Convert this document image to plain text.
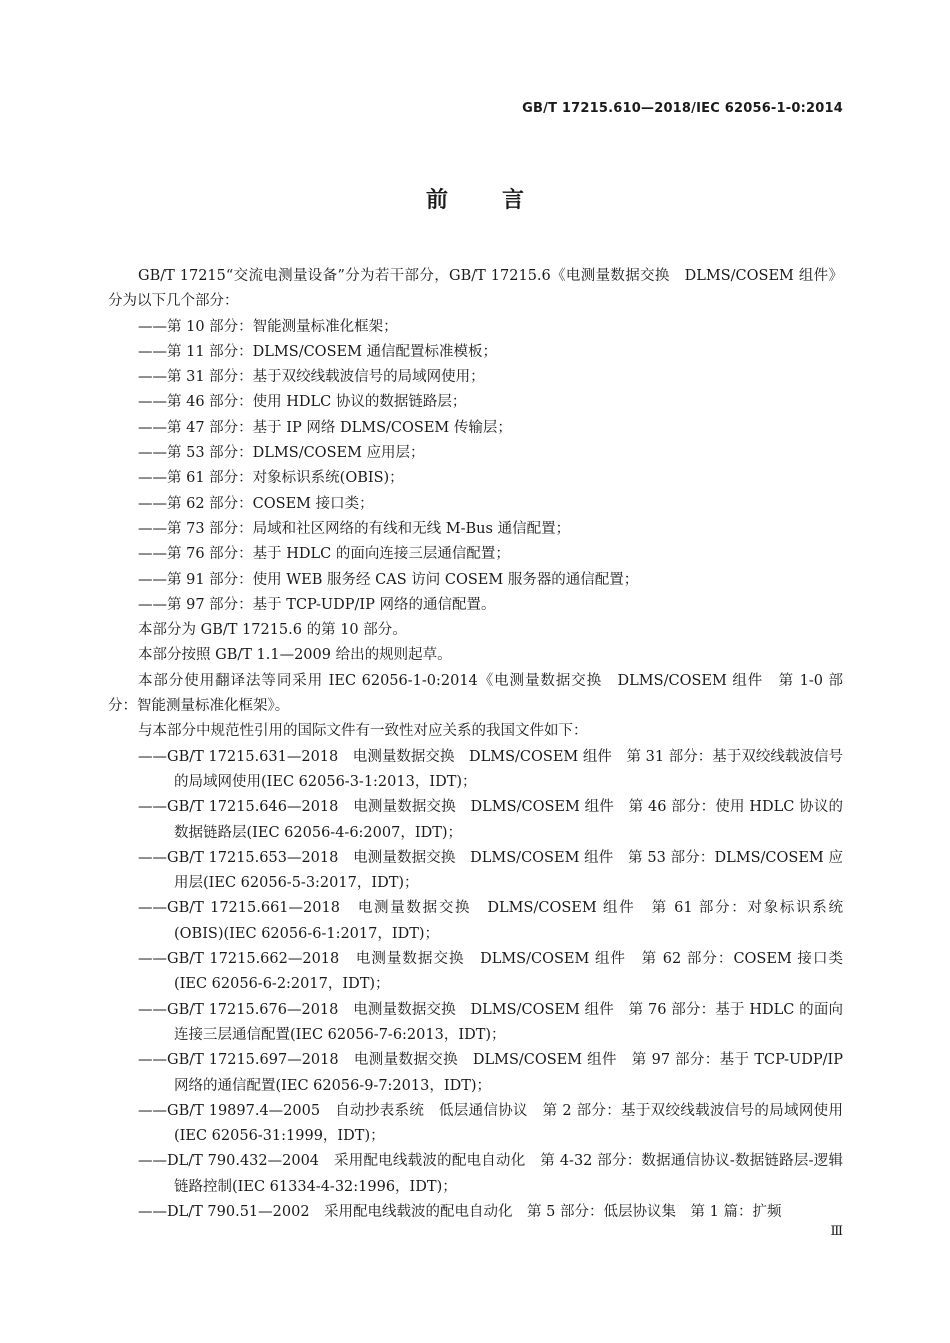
GB/T 17215.610—2018/IEC 62056-1-0:2014
前言

GB/T 17215“交流电测量设备”分为若干部分，GB/T 17215.6《电测量数据交换　DLMS/COSEM 组件》分为以下几个部分：

——第 10 部分：智能测量标准化框架；

——第 11 部分：DLMS/COSEM 通信配置标准模板；

——第 31 部分：基于双绞线载波信号的局域网使用；

——第 46 部分：使用 HDLC 协议的数据链路层；

——第 47 部分：基于 IP 网络 DLMS/COSEM 传输层；

——第 53 部分：DLMS/COSEM 应用层；

——第 61 部分：对象标识系统(OBIS)；

——第 62 部分：COSEM 接口类；

——第 73 部分：局域和社区网络的有线和无线 M-Bus 通信配置；

——第 76 部分：基于 HDLC 的面向连接三层通信配置；

——第 91 部分：使用 WEB 服务经 CAS 访问 COSEM 服务器的通信配置；

——第 97 部分：基于 TCP-UDP/IP 网络的通信配置。

本部分为 GB/T 17215.6 的第 10 部分。

本部分按照 GB/T 1.1—2009 给出的规则起草。

本部分使用翻译法等同采用 IEC 62056-1-0:2014《电测量数据交换　DLMS/COSEM 组件　第 1-0 部分：智能测量标准化框架》。

与本部分中规范性引用的国际文件有一致性对应关系的我国文件如下：

——GB/T 17215.631—2018　电测量数据交换　DLMS/COSEM 组件　第 31 部分：基于双绞线载波信号的局域网使用(IEC 62056-3-1:2013，IDT)；

——GB/T 17215.646—2018　电测量数据交换　DLMS/COSEM 组件　第 46 部分：使用 HDLC 协议的数据链路层(IEC 62056-4-6:2007，IDT)；

——GB/T 17215.653—2018　电测量数据交换　DLMS/COSEM 组件　第 53 部分：DLMS/COSEM 应用层(IEC 62056-5-3:2017，IDT)；

——GB/T 17215.661—2018　电测量数据交换　DLMS/COSEM 组件　第 61 部分：对象标识系统(OBIS)(IEC 62056-6-1:2017，IDT)；

——GB/T 17215.662—2018　电测量数据交换　DLMS/COSEM 组件　第 62 部分：COSEM 接口类(IEC 62056-6-2:2017，IDT)；

——GB/T 17215.676—2018　电测量数据交换　DLMS/COSEM 组件　第 76 部分：基于 HDLC 的面向连接三层通信配置(IEC 62056-7-6:2013，IDT)；

——GB/T 17215.697—2018　电测量数据交换　DLMS/COSEM 组件　第 97 部分：基于 TCP-UDP/IP 网络的通信配置(IEC 62056-9-7:2013，IDT)；

——GB/T 19897.4—2005　自动抄表系统　低层通信协议　第 2 部分：基于双绞线载波信号的局域网使用(IEC 62056-31:1999，IDT)；

——DL/T 790.432—2004　采用配电线载波的配电自动化　第 4-32 部分：数据通信协议-数据链路层-逻辑链路控制(IEC 61334-4-32:1996，IDT)；

——DL/T 790.51—2002　采用配电线载波的配电自动化　第 5 部分：低层协议集　第 1 篇：扩频

Ⅲ
